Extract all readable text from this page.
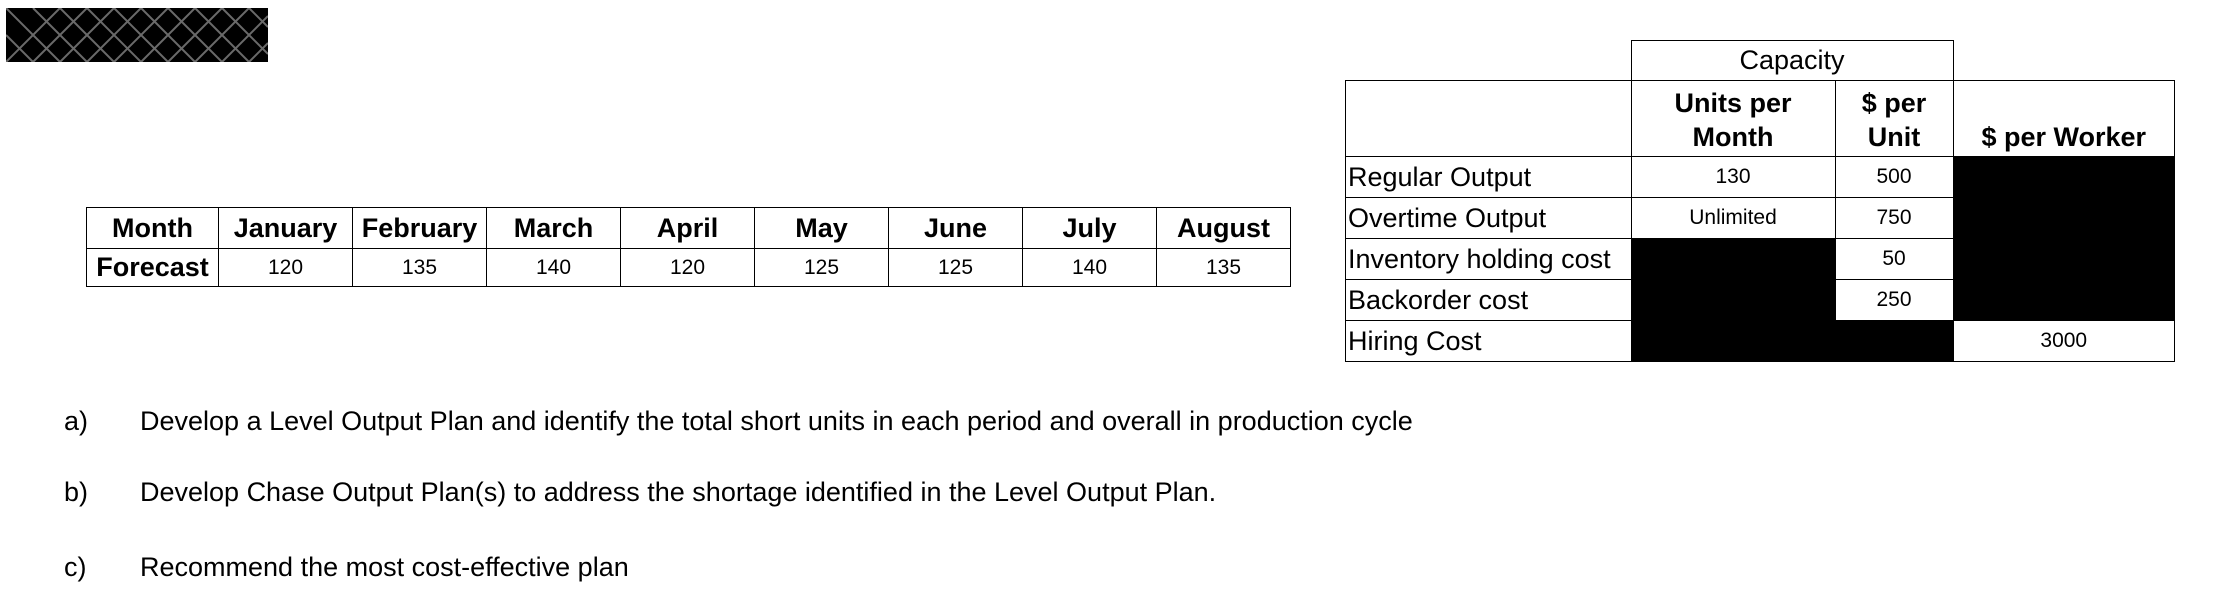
Month	January	February	March	April	May	June	July	August
Forecast	120	135	140	120	125	125	140	135
	Capacity		
	Units per Month	$ per Unit	$ per Worker
Regular Output	130	500	
Overtime Output	Unlimited	750	
Inventory holding cost		50	
Backorder cost		250	
Hiring Cost			3000
a) Develop a Level Output Plan and identify the total short units in each period and overall in production cycle
b) Develop Chase Output Plan(s) to address the shortage identified in the Level Output Plan.
c) Recommend the most cost-effective plan
